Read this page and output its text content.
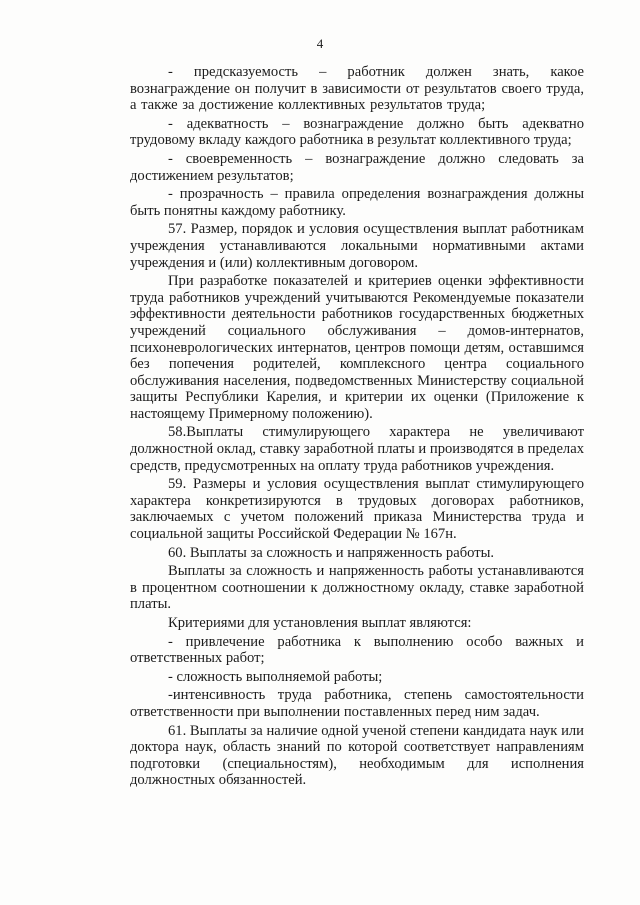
4

- предсказуемость – работник должен знать, какое вознаграждение он получит в зависимости от результатов своего труда, а также за достижение коллективных результатов труда;

- адекватность – вознаграждение должно быть адекватно трудовому вкладу каждого работника в результат коллективного труда;

- своевременность – вознаграждение должно следовать за достижением результатов;

- прозрачность – правила определения вознаграждения должны быть понятны каждому работнику.

57. Размер, порядок и условия осуществления выплат работникам учреждения устанавливаются локальными нормативными актами учреждения и (или) коллективным договором.

При разработке показателей и критериев оценки эффективности труда работников учреждений учитываются Рекомендуемые показатели эффективности деятельности работников государственных бюджетных учреждений социального обслуживания – домов-интернатов, психоневрологических интернатов, центров помощи детям, оставшимся без попечения родителей, комплексного центра социального обслуживания населения, подведомственных Министерству социальной защиты Республики Карелия, и критерии их оценки (Приложение к настоящему Примерному положению).

58.Выплаты стимулирующего характера не увеличивают должностной оклад, ставку заработной платы и производятся в пределах средств, предусмотренных на оплату труда работников учреждения.

59. Размеры и условия осуществления выплат стимулирующего характера конкретизируются в трудовых договорах работников, заключаемых с учетом положений приказа Министерства труда и социальной защиты Российской Федерации № 167н.

60. Выплаты за сложность и напряженность работы.

Выплаты за сложность и напряженность работы устанавливаются в процентном соотношении к должностному окладу, ставке заработной платы.

Критериями для установления выплат являются:

- привлечение работника к выполнению особо важных и ответственных работ;

- сложность выполняемой работы;

-интенсивность труда работника, степень самостоятельности ответственности при выполнении поставленных перед ним задач.

61. Выплаты за наличие одной ученой степени кандидата наук или доктора наук, область знаний по которой соответствует направлениям подготовки (специальностям), необходимым для исполнения должностных обязанностей.
